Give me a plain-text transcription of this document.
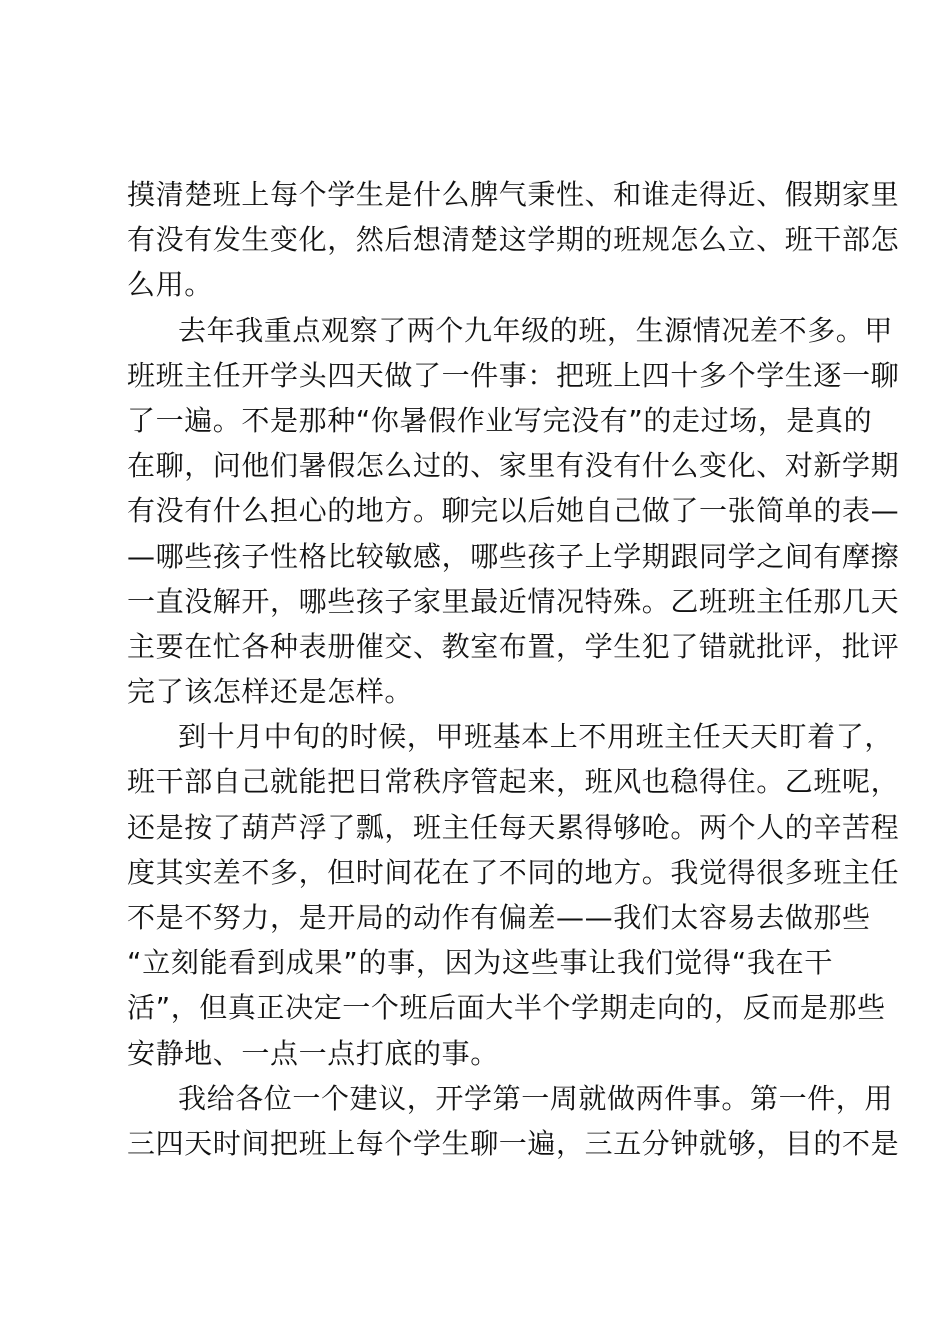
摸清楚班上每个学生是什么脾气秉性、和谁走得近、假期家里
有没有发生变化，然后想清楚这学期的班规怎么立、班干部怎
么用。
去年我重点观察了两个九年级的班，生源情况差不多。甲
班班主任开学头四天做了一件事：把班上四十多个学生逐一聊
了一遍。不是那种“你暑假作业写完没有”的走过场，是真的
在聊，问他们暑假怎么过的、家里有没有什么变化、对新学期
有没有什么担心的地方。聊完以后她自己做了一张简单的表—
—哪些孩子性格比较敏感，哪些孩子上学期跟同学之间有摩擦
一直没解开，哪些孩子家里最近情况特殊。乙班班主任那几天
主要在忙各种表册催交、教室布置，学生犯了错就批评，批评
完了该怎样还是怎样。
到十月中旬的时候，甲班基本上不用班主任天天盯着了，
班干部自己就能把日常秩序管起来，班风也稳得住。乙班呢，
还是按了葫芦浮了瓢，班主任每天累得够呛。两个人的辛苦程
度其实差不多，但时间花在了不同的地方。我觉得很多班主任
不是不努力，是开局的动作有偏差——我们太容易去做那些
“立刻能看到成果”的事，因为这些事让我们觉得“我在干
活”，但真正决定一个班后面大半个学期走向的，反而是那些
安静地、一点一点打底的事。
我给各位一个建议，开学第一周就做两件事。第一件，用
三四天时间把班上每个学生聊一遍，三五分钟就够，目的不是
